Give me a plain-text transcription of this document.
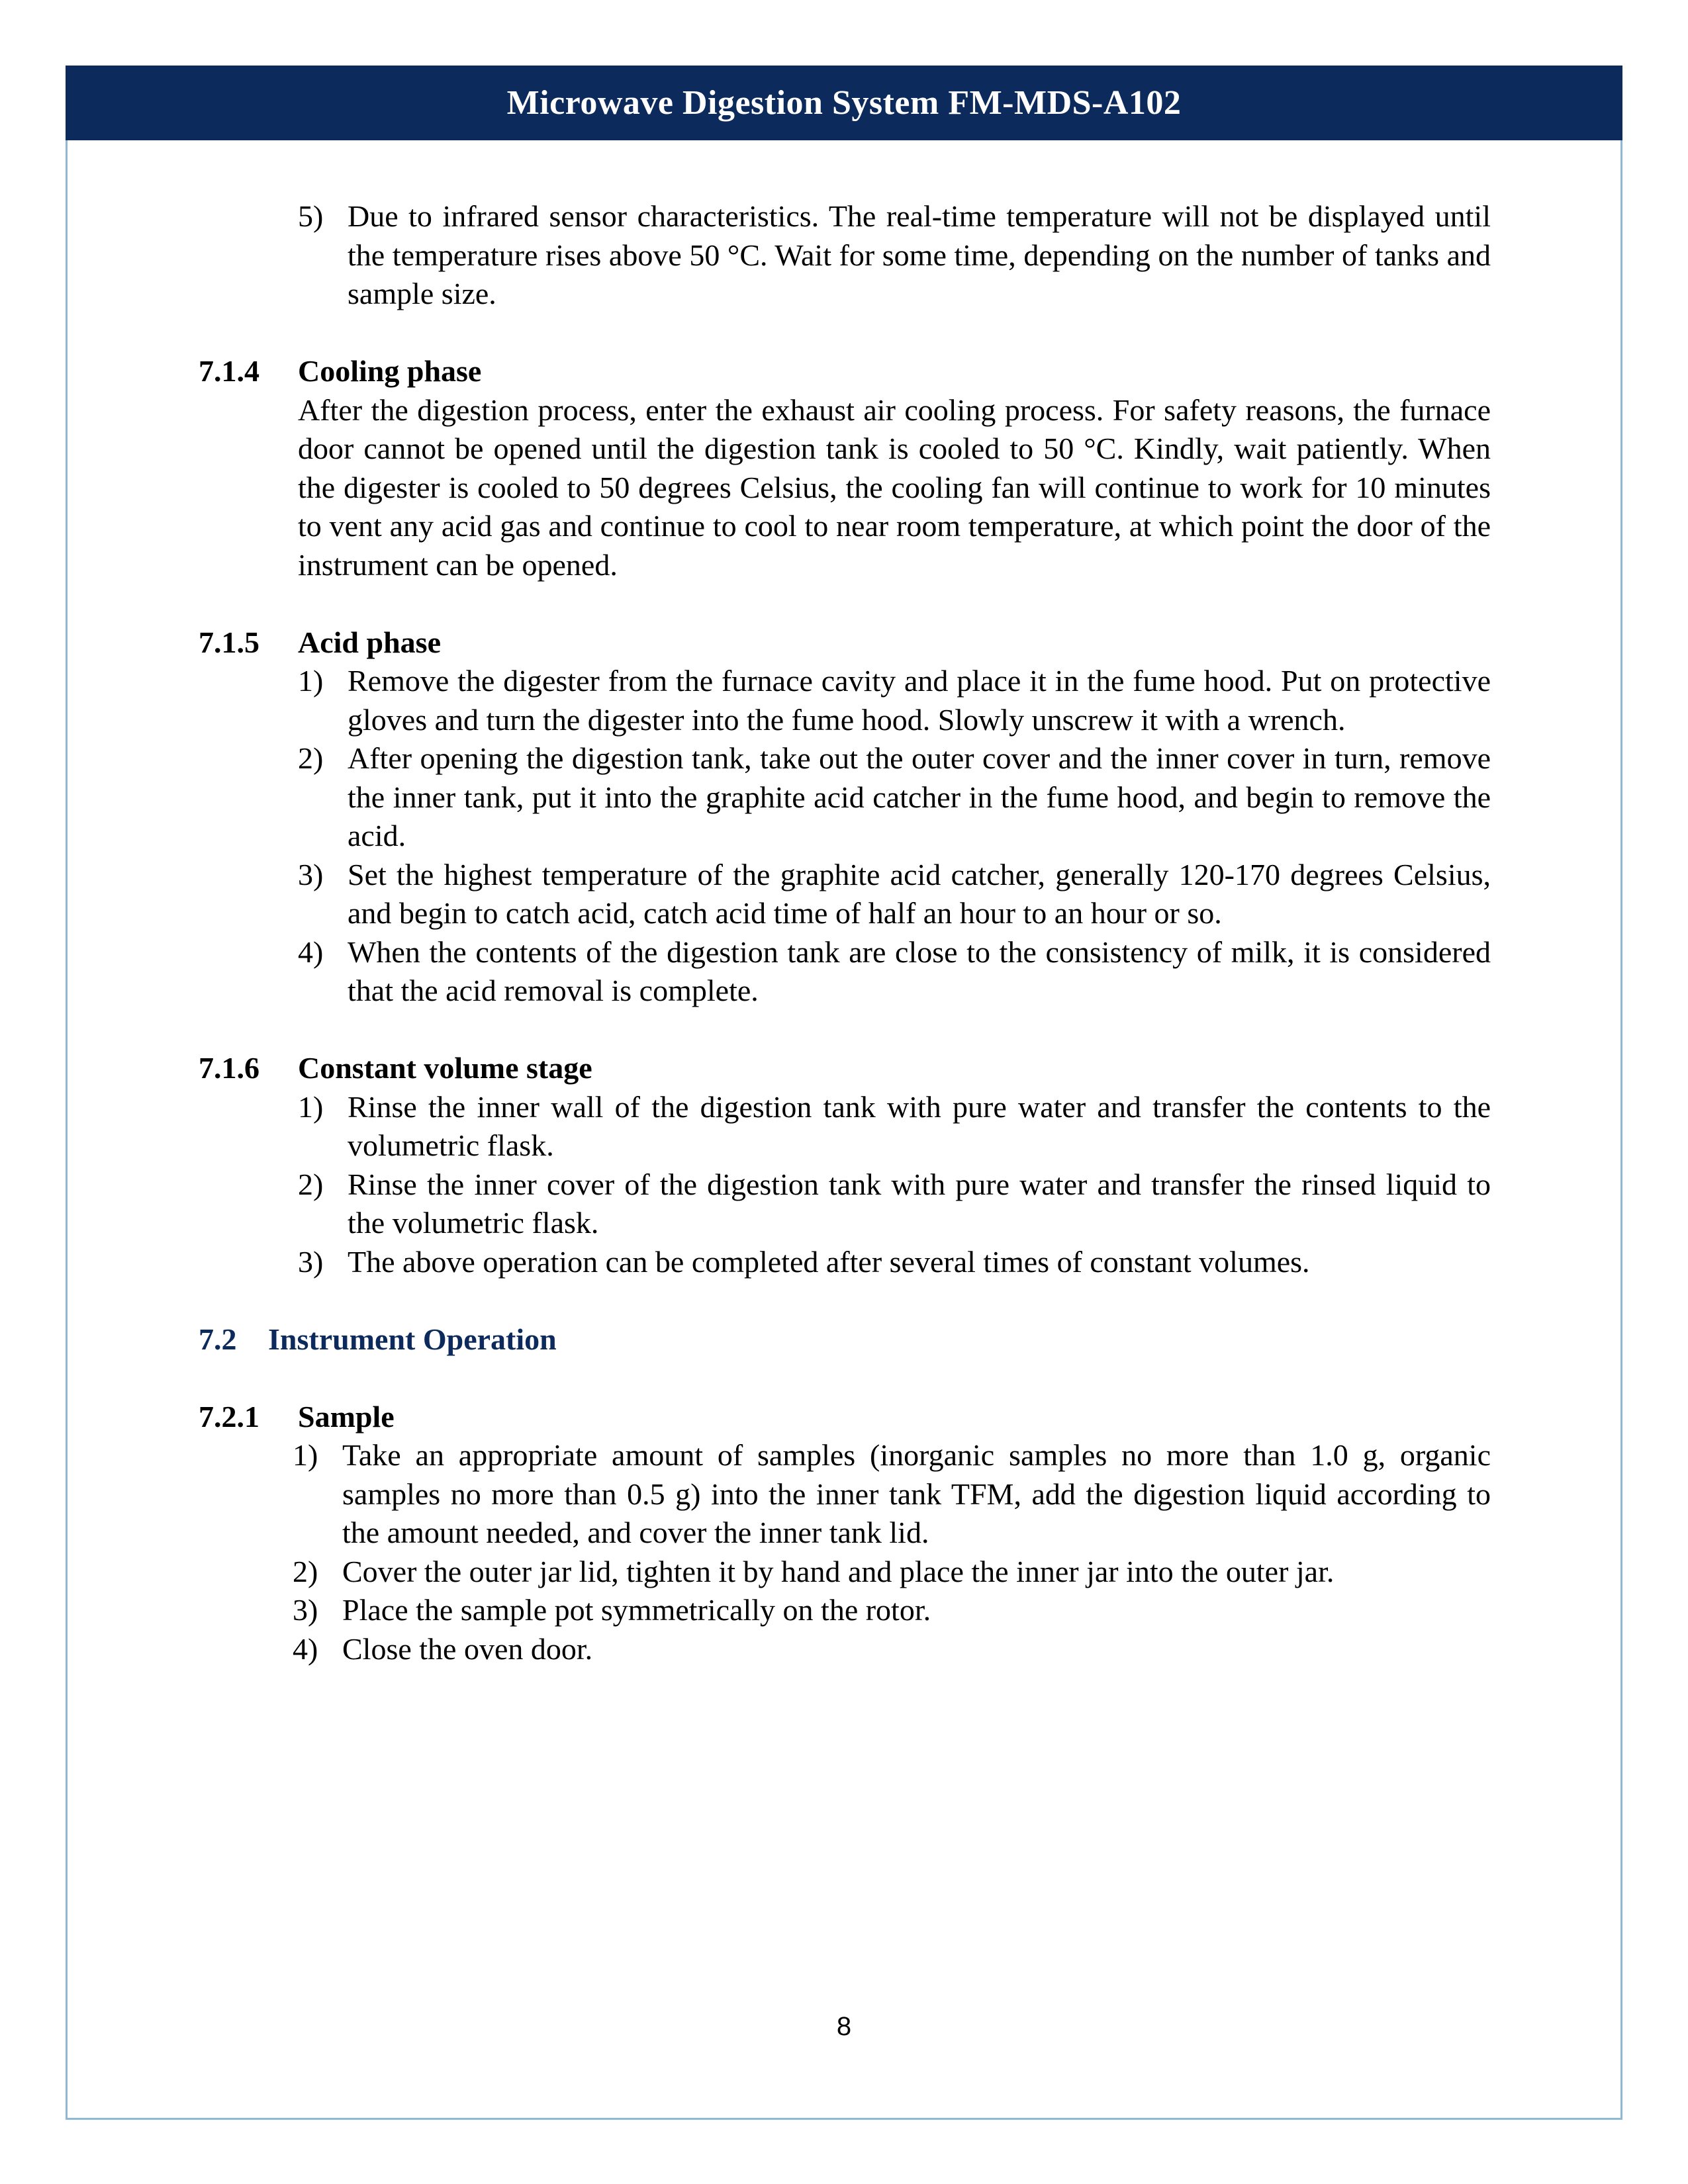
Microwave Digestion System FM-MDS-A102
5) Due to infrared sensor characteristics. The real-time temperature will not be displayed until the temperature rises above 50 °C. Wait for some time, depending on the number of tanks and sample size.
7.1.4 Cooling phase
After the digestion process, enter the exhaust air cooling process. For safety reasons, the furnace door cannot be opened until the digestion tank is cooled to 50 °C. Kindly, wait patiently. When the digester is cooled to 50 degrees Celsius, the cooling fan will continue to work for 10 minutes to vent any acid gas and continue to cool to near room temperature, at which point the door of the instrument can be opened.
7.1.5 Acid phase
1) Remove the digester from the furnace cavity and place it in the fume hood. Put on protective gloves and turn the digester into the fume hood. Slowly unscrew it with a wrench.
2) After opening the digestion tank, take out the outer cover and the inner cover in turn, remove the inner tank, put it into the graphite acid catcher in the fume hood, and begin to remove the acid.
3) Set the highest temperature of the graphite acid catcher, generally 120-170 degrees Celsius, and begin to catch acid, catch acid time of half an hour to an hour or so.
4) When the contents of the digestion tank are close to the consistency of milk, it is considered that the acid removal is complete.
7.1.6 Constant volume stage
1) Rinse the inner wall of the digestion tank with pure water and transfer the contents to the volumetric flask.
2) Rinse the inner cover of the digestion tank with pure water and transfer the rinsed liquid to the volumetric flask.
3) The above operation can be completed after several times of constant volumes.
7.2 Instrument Operation
7.2.1 Sample
1) Take an appropriate amount of samples (inorganic samples no more than 1.0 g, organic samples no more than 0.5 g) into the inner tank TFM, add the digestion liquid according to the amount needed, and cover the inner tank lid.
2) Cover the outer jar lid, tighten it by hand and place the inner jar into the outer jar.
3) Place the sample pot symmetrically on the rotor.
4) Close the oven door.
8
